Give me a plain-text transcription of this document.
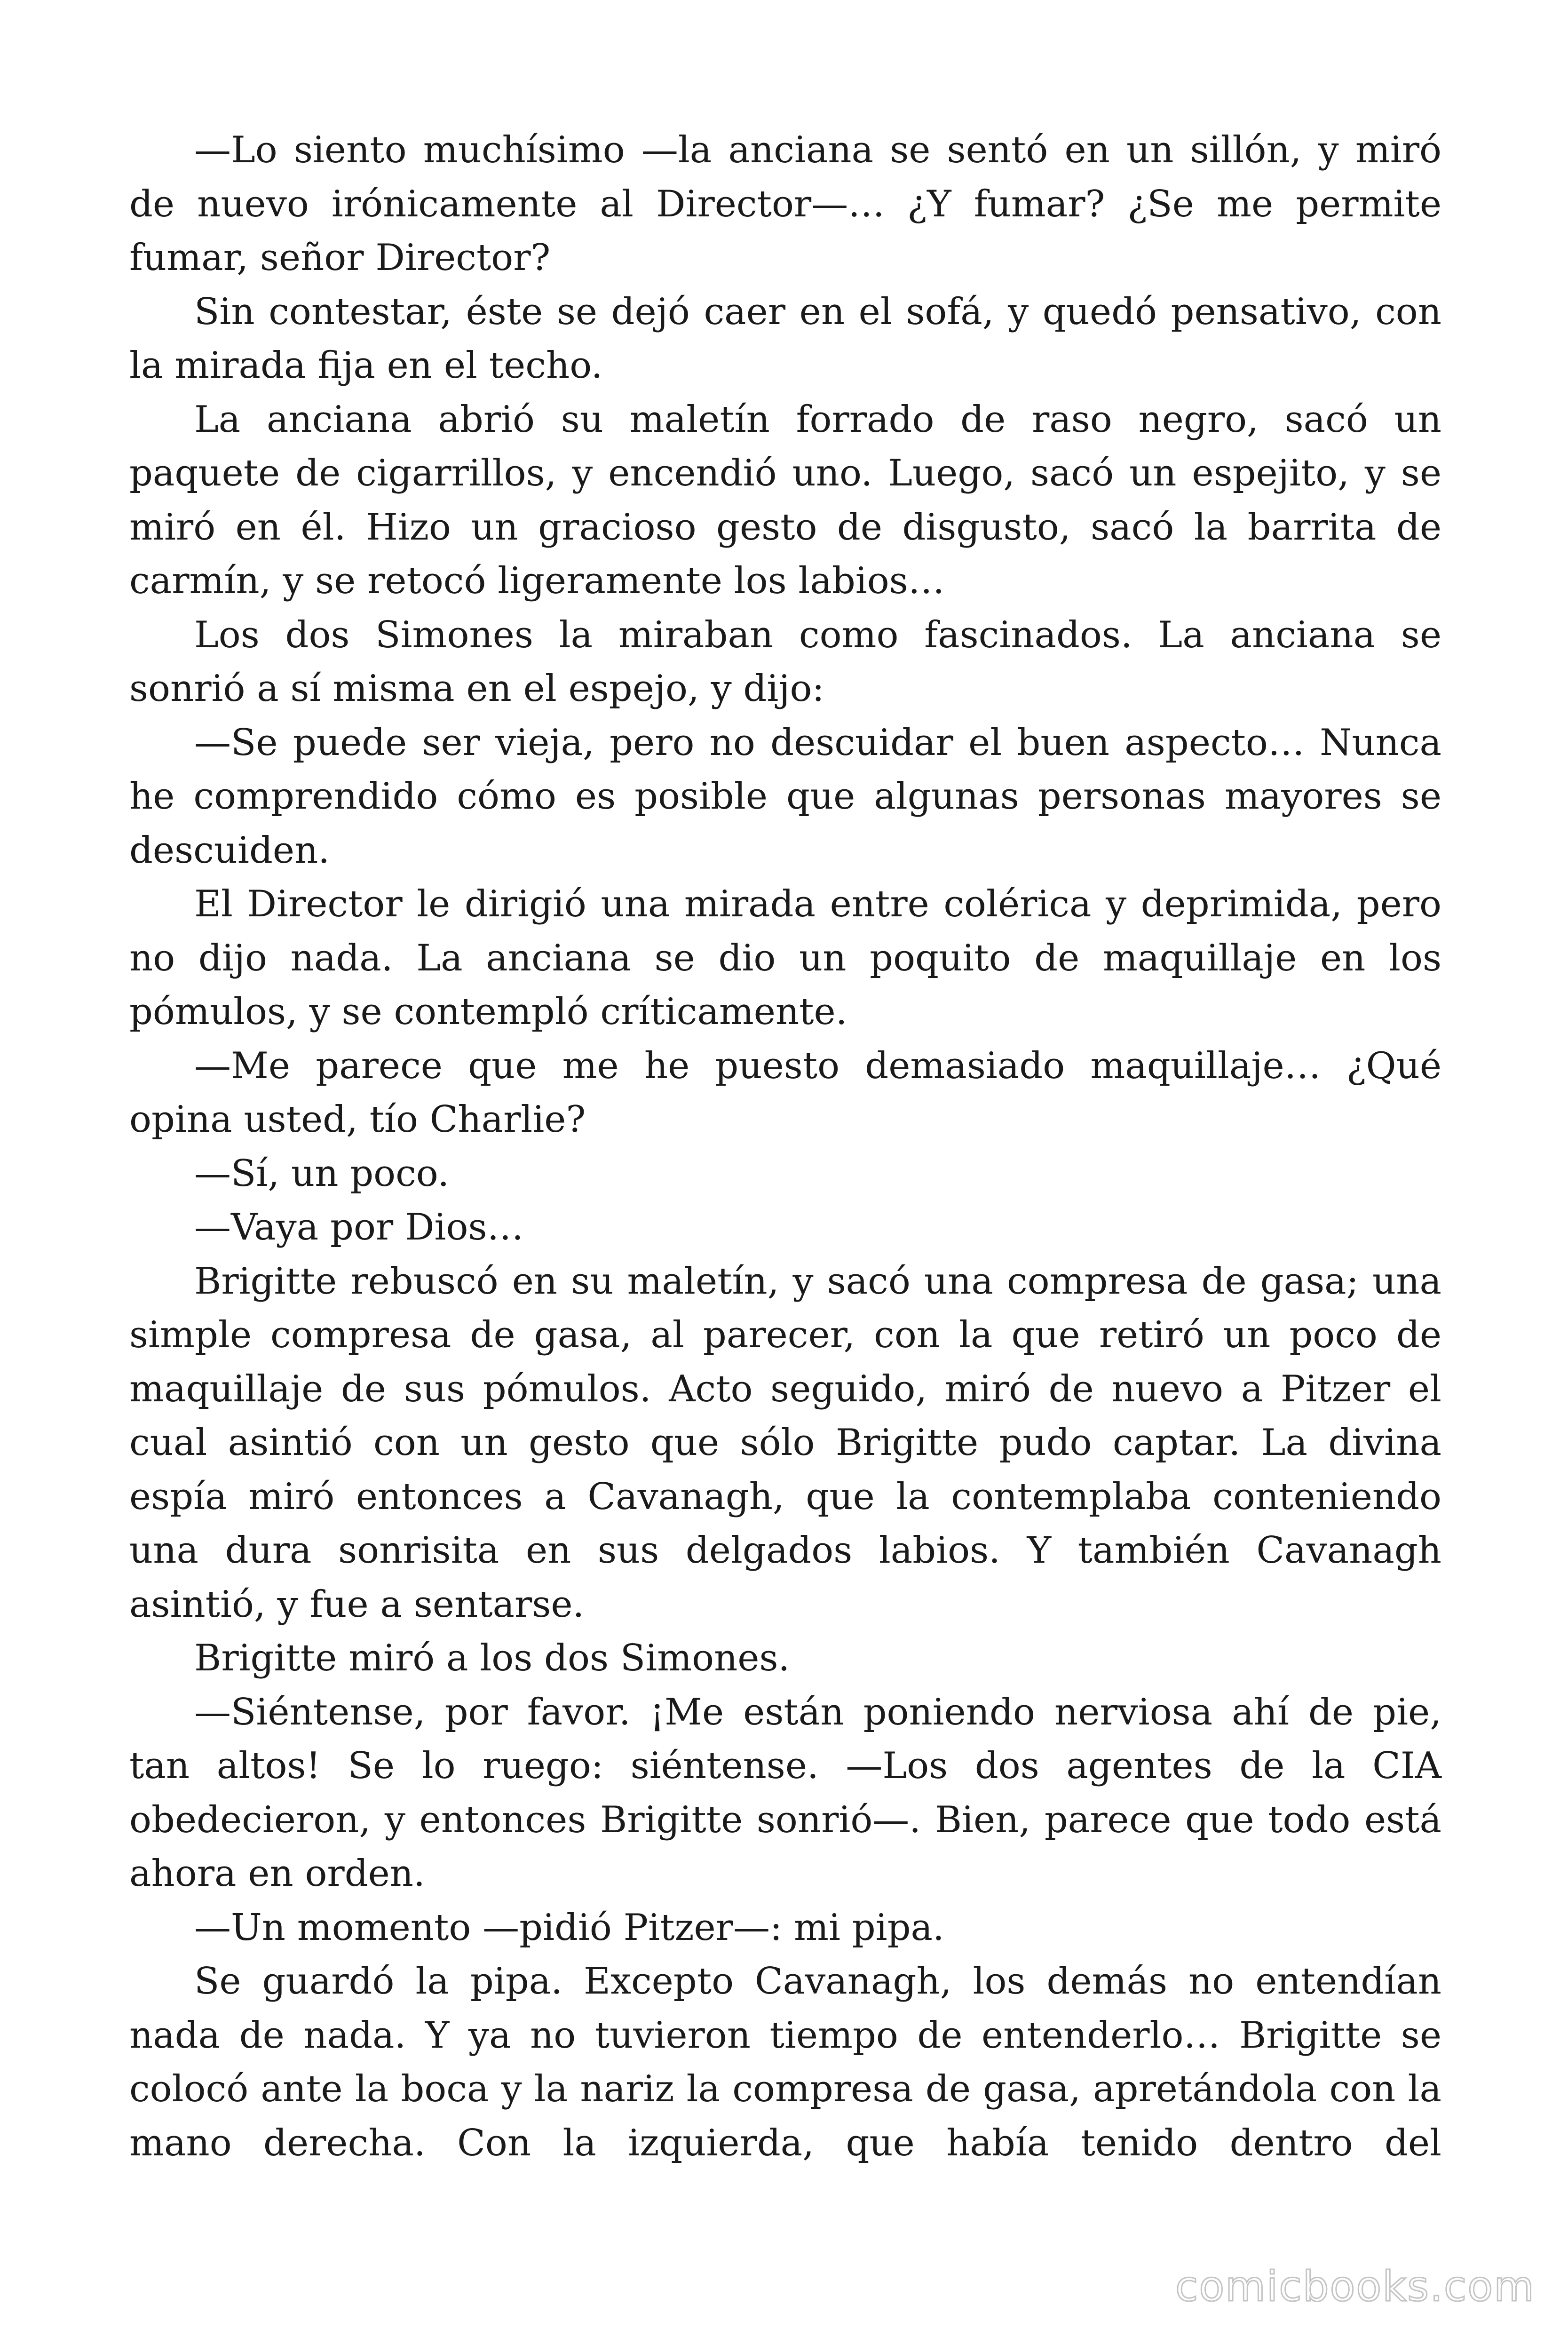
—Lo siento muchísimo —la anciana se sentó en un sillón, y miró de nuevo irónicamente al Director—… ¿Y fumar? ¿Se me permite fumar, señor Director?

Sin contestar, éste se dejó caer en el sofá, y quedó pensativo, con la mirada fija en el techo.

La anciana abrió su maletín forrado de raso negro, sacó un paquete de cigarrillos, y encendió uno. Luego, sacó un espejito, y se miró en él. Hizo un gracioso gesto de disgusto, sacó la barrita de carmín, y se retocó ligeramente los labios…

Los dos Simones la miraban como fascinados. La anciana se sonrió a sí misma en el espejo, y dijo:

—Se puede ser vieja, pero no descuidar el buen aspecto… Nunca he comprendido cómo es posible que algunas personas mayores se descuiden.

El Director le dirigió una mirada entre colérica y deprimida, pero no dijo nada. La anciana se dio un poquito de maquillaje en los pómulos, y se contempló críticamente.

—Me parece que me he puesto demasiado maquillaje… ¿Qué opina usted, tío Charlie?

—Sí, un poco.

—Vaya por Dios…

Brigitte rebuscó en su maletín, y sacó una compresa de gasa; una simple compresa de gasa, al parecer, con la que retiró un poco de maquillaje de sus pómulos. Acto seguido, miró de nuevo a Pitzer el cual asintió con un gesto que sólo Brigitte pudo captar. La divina espía miró entonces a Cavanagh, que la contemplaba conteniendo una dura sonrisita en sus delgados labios. Y también Cavanagh asintió, y fue a sentarse.

Brigitte miró a los dos Simones.

—Siéntense, por favor. ¡Me están poniendo nerviosa ahí de pie, tan altos! Se lo ruego: siéntense. —Los dos agentes de la CIA obedecieron, y entonces Brigitte sonrió—. Bien, parece que todo está ahora en orden.

—Un momento —pidió Pitzer—: mi pipa.

Se guardó la pipa. Excepto Cavanagh, los demás no entendían nada de nada. Y ya no tuvieron tiempo de entenderlo… Brigitte se colocó ante la boca y la nariz la compresa de gasa, apretándola con la mano derecha. Con la izquierda, que había tenido dentro del

comicbooks.com
